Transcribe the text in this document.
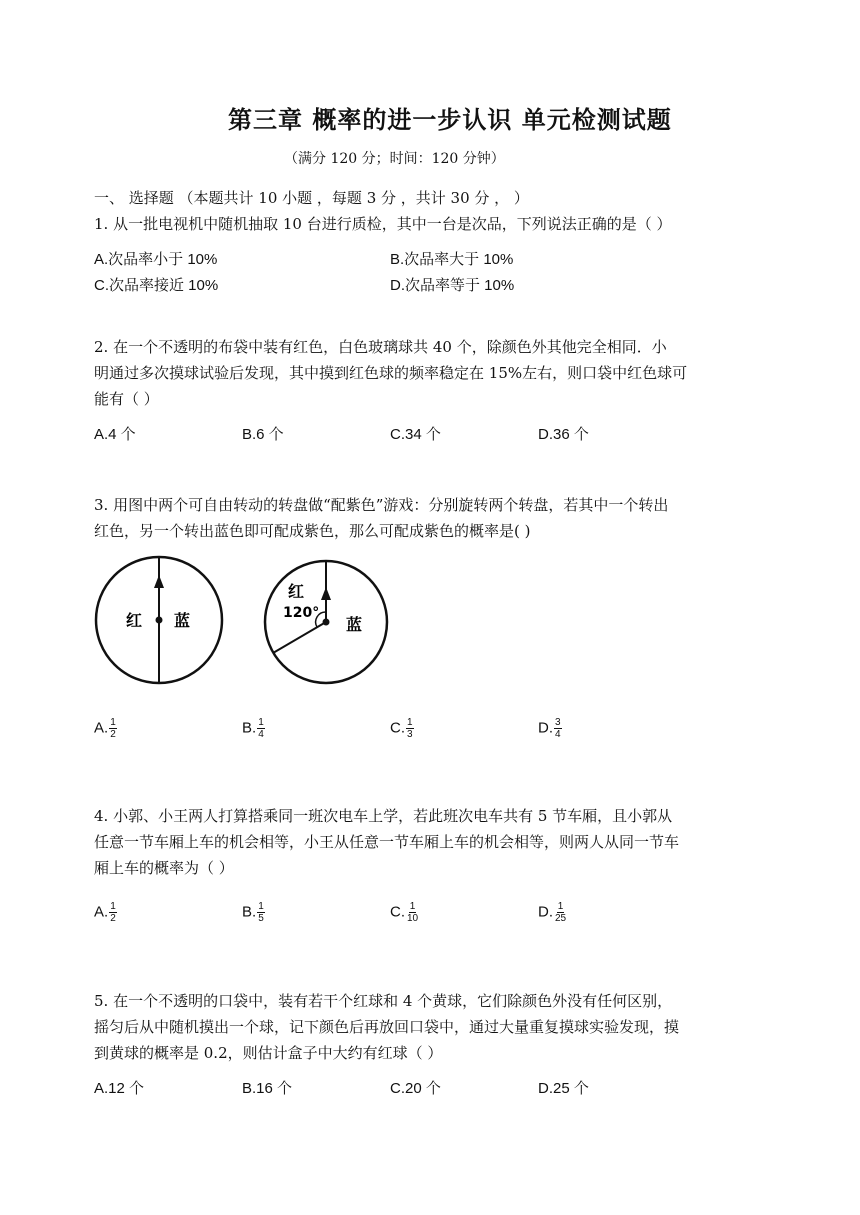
第三章 概率的进一步认识 单元检测试题
（满分 120 分；时间：120 分钟）
一、 选择题 （本题共计 10 小题 ，每题 3 分 ，共计 30 分 ， ）
1. 从一批电视机中随机抽取 10 台进行质检，其中一台是次品，下列说法正确的是（ ）
A.次品率小于 10%	B.次品率大于 10%
C.次品率接近 10%	D.次品率等于 10%
2. 在一个不透明的布袋中装有红色，白色玻璃球共 40 个，除颜色外其他完全相同．小
明通过多次摸球试验后发现，其中摸到红色球的频率稳定在 15%左右，则口袋中红色球可
能有（ ）
A.4 个	B.6 个	C.34 个	D.36 个
3. 用图中两个可自由转动的转盘做“配紫色”游戏：分别旋转两个转盘，若其中一个转出
红色，另一个转出蓝色即可配成紫色，那么可配成紫色的概率是( )
红 蓝
红
120°
蓝
A. $\frac{1}{2}$	B. $\frac{1}{4}$	C. $\frac{1}{3}$	D. $\frac{3}{4}$
4. 小郭、小王两人打算搭乘同一班次电车上学，若此班次电车共有 5 节车厢，且小郭从
任意一节车厢上车的机会相等，小王从任意一节车厢上车的机会相等，则两人从同一节车
厢上车的概率为（ ）
A. $\frac{1}{2}$	B. $\frac{1}{5}$	C. $\frac{1}{10}$	D. $\frac{1}{25}$
5. 在一个不透明的口袋中，装有若干个红球和 4 个黄球，它们除颜色外没有任何区别，
摇匀后从中随机摸出一个球，记下颜色后再放回口袋中，通过大量重复摸球实验发现，摸
到黄球的概率是 0.2，则估计盒子中大约有红球（ ）
A.12 个	B.16 个	C.20 个	D.25 个
